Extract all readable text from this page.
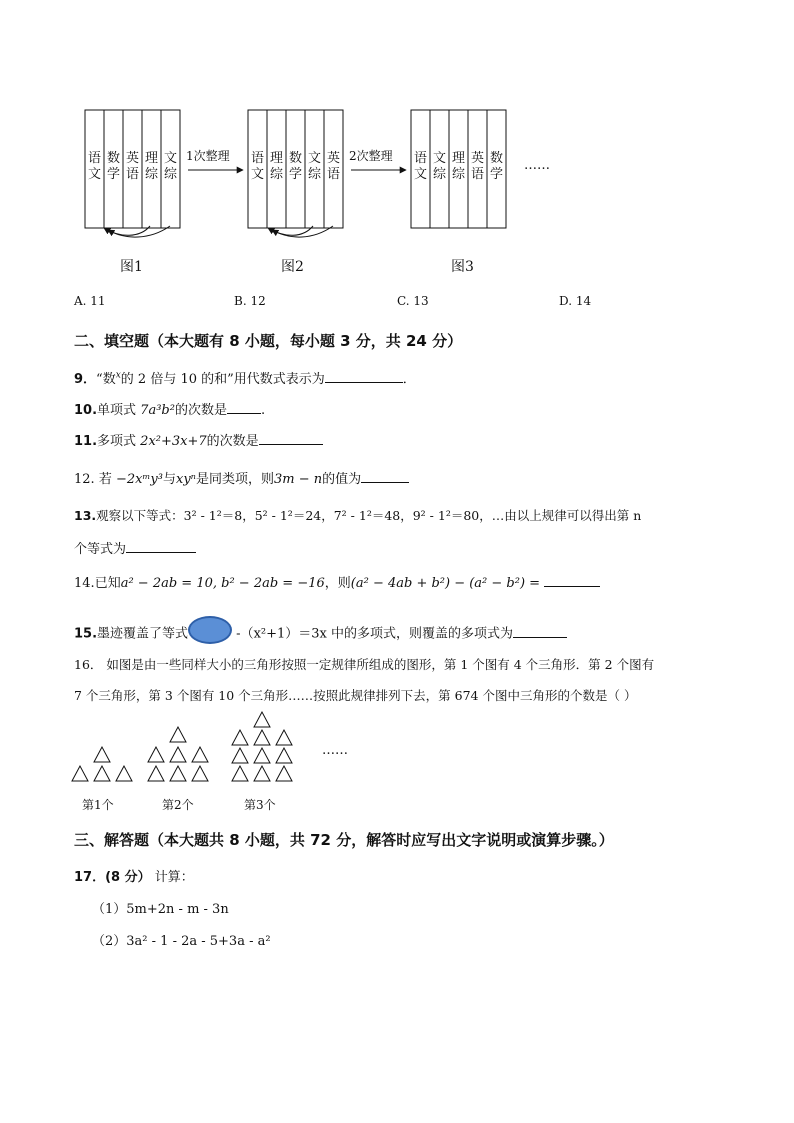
语文
数学
英语
理综
文综
语文
理综
数学
文综
英语
语文
文综
理综
英语
数学
1次整理	2次整理
……
图1	图2	图3
A. 11	B. 12	C. 13	D. 14
二、填空题（本大题有 8 小题，每小题 3 分，共 24 分）
9．“数$^x$的 2 倍与 10 的和”用代数式表示为	．
10.单项式 7a³b²的次数是	.
11.多项式 2x²+3x+7的次数是
12. 若 −2xᵐy³与xyⁿ是同类项，则3m − n的值为
13.观察以下等式：3² - 1²＝8，5² - 1²＝24，7² - 1²＝48，9² - 1²＝80，…由以上规律可以得出第 n
个等式为
14.已知a² − 2ab = 10, b² − 2ab = −16，则(a² − 4ab + b²) − (a² − b²) =
15.墨迹覆盖了等式	-（x²+1）＝3x 中的多项式，则覆盖的多项式为
16． 如图是由一些同样大小的三角形按照一定规律所组成的图形，第 1 个图有 4 个三角形．第 2 个图有
7 个三角形，第 3 个图有 10 个三角形……按照此规律排列下去，第 674 个图中三角形的个数是（ ）
……
第1个	第2个	第3个
三、解答题（本大题共 8 小题，共 72 分，解答时应写出文字说明或演算步骤。）
17．(8 分） 计算：
（1）5m+2n - m - 3n
（2）3a² - 1 - 2a - 5+3a - a²
